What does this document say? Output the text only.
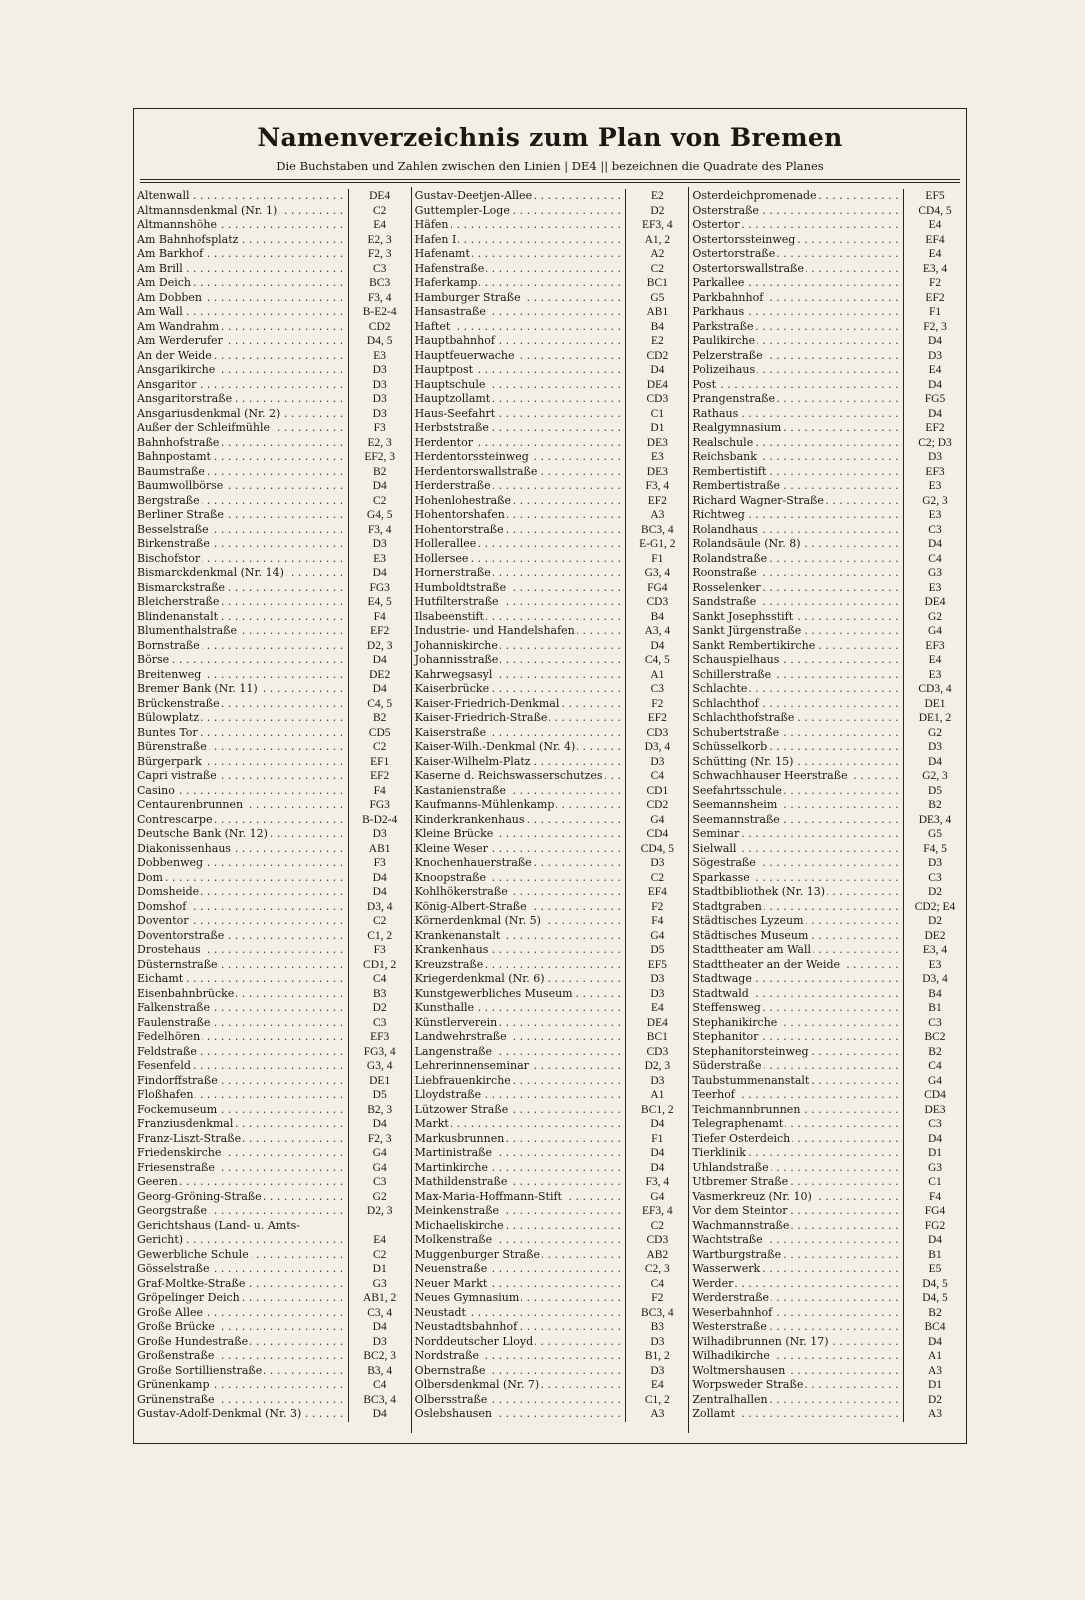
Namenverzeichnis zum Plan von Bremen
Die Buchstaben und Zahlen zwischen den Linien | DE4 || bezeichnen die Quadrate des Planes
Altenwall . . .	DE4
Altmannsdenkmal (Nr. 1) . . .	C2
Altmannshöhe . . .	E4
Am Bahnhofsplatz . . .	E2, 3
Am Barkhof . . .	F2, 3
Am Brill . . .	C3
Am Deich . . .	BC3
Am Dobben . . .	F3, 4
Am Wall . . .	B-E2-4
Am Wandrahm . . .	CD2
Am Werderufer . . .	D4, 5
An der Weide . . .	E3
Ansgarikirche . . .	D3
Ansgaritor . . .	D3
Ansgaritorstraße . . .	D3
Ansgariusdenkmal (Nr. 2) . . .	D3
Außer der Schleifmühle . . .	F3
Bahnhofstraße . . .	E2, 3
Bahnpostamt . . .	EF2, 3
Baumstraße . . .	B2
Baumwollbörse . . .	D4
Bergstraße . . .	C2
Berliner Straße . . .	G4, 5
Besselstraße . . .	F3, 4
Birkenstraße . . .	D3
Bischofstor . . .	E3
Bismarckdenkmal (Nr. 14) . . .	D4
Bismarckstraße . . .	FG3
Bleicherstraße . . .	E4, 5
Blindenanstalt . . .	F4
Blumenthalstraße . . .	EF2
Bornstraße . . .	D2, 3
Börse . . .	D4
Breitenweg . . .	DE2
Bremer Bank (Nr. 11) . . .	D4
Brückenstraße . . .	C4, 5
Bülowplatz . . .	B2
Buntes Tor . . .	CD5
Bürenstraße . . .	C2
Bürgerpark . . .	EF1
Capri vistraße . . .	EF2
Casino . . .	F4
Centaurenbrunnen . . .	FG3
Contrescarpe . . .	B-D2-4
Deutsche Bank (Nr. 12) . . .	D3
Diakonissenhaus . . .	AB1
Dobbenweg . . .	F3
Dom . . .	D4
Domsheide . . .	D4
Domshof . . .	D3, 4
Doventor . . .	C2
Doventorstraße . . .	C1, 2
Drostehaus . . .	F3
Düsternstraße . . .	CD1, 2
Eichamt . . .	C4
Eisenbahnbrücke . . .	B3
Falkenstraße . . .	D2
Faulenstraße . . .	C3
Fedelhören . . .	EF3
Feldstraße . . .	FG3, 4
Fesenfeld . . .	G3, 4
Findorffstraße . . .	DE1
Floßhafen . . .	D5
Fockemuseum . . .	B2, 3
Franziusdenkmal . . .	D4
Franz-Liszt-Straße . . .	F2, 3
Friedenskirche . . .	G4
Friesenstraße . . .	G4
Geeren . . .	C3
Georg-Gröning-Straße . . .	G2
Georgstraße . . .	D2, 3
Gerichtshaus (Land- u. Amts-
Gericht) . . .	E4
Gewerbliche Schule . . .	C2
Gösselstraße . . .	D1
Graf-Moltke-Straße . . .	G3
Gröpelinger Deich . . .	AB1, 2
Große Allee . . .	C3, 4
Große Brücke . . .	D4
Große Hundestraße . . .	D3
Großenstraße . . .	BC2, 3
Große Sortillienstraße . . .	B3, 4
Grünenkamp . . .	C4
Grünenstraße . . .	BC3, 4
Gustav-Adolf-Denkmal (Nr. 3) . . .	D4
Gustav-Deetjen-Allee . . .	E2
Guttempler-Loge . . .	D2
Häfen . . .	EF3, 4
Hafen I . . .	A1, 2
Hafenamt . . .	A2
Hafenstraße . . .	C2
Haferkamp . . .	BC1
Hamburger Straße . . .	G5
Hansastraße . . .	AB1
Haftet . . .	B4
Hauptbahnhof . . .	E2
Hauptfeuerwache . . .	CD2
Hauptpost . . .	D4
Hauptschule . . .	DE4
Hauptzollamt . . .	CD3
Haus-Seefahrt . . .	C1
Herbststraße . . .	D1
Herdentor . . .	DE3
Herdentorssteinweg . . .	E3
Herdentorswallstraße . . .	DE3
Herderstraße . . .	F3, 4
Hohenlohestraße . . .	EF2
Hohentorshafen . . .	A3
Hohentorstraße . . .	BC3, 4
Hollerallee . . .	E-G1, 2
Hollersee . . .	F1
Hornerstraße . . .	G3, 4
Humboldtstraße . . .	FG4
Hutfilterstraße . . .	CD3
Ilsabeenstift . . .	B4
Industrie- und Handelshafen . . .	A3, 4
Johanniskirche . . .	D4
Johannisstraße . . .	C4, 5
Kahrwegsasyl . . .	A1
Kaiserbrücke . . .	C3
Kaiser-Friedrich-Denkmal . . .	F2
Kaiser-Friedrich-Straße . . .	EF2
Kaiserstraße . . .	CD3
Kaiser-Wilh.-Denkmal (Nr. 4) . . .	D3, 4
Kaiser-Wilhelm-Platz . . .	D3
Kaserne d. Reichswasserschutzes . . .	C4
Kastanienstraße . . .	CD1
Kaufmanns-Mühlenkamp . . .	CD2
Kinderkrankenhaus . . .	G4
Kleine Brücke . . .	CD4
Kleine Weser . . .	CD4, 5
Knochenhauerstraße . . .	D3
Knoopstraße . . .	C2
Kohlhökerstraße . . .	EF4
König-Albert-Straße . . .	F2
Körnerdenkmal (Nr. 5) . . .	F4
Krankenanstalt . . .	G4
Krankenhaus . . .	D5
Kreuzstraße . . .	EF5
Kriegerdenkmal (Nr. 6) . . .	D3
Kunstgewerbliches Museum . . .	D3
Kunsthalle . . .	E4
Künstlerverein . . .	DE4
Landwehrstraße . . .	BC1
Langenstraße . . .	CD3
Lehrerinnenseminar . . .	D2, 3
Liebfrauenkirche . . .	D3
Lloydstraße . . .	A1
Lützower Straße . . .	BC1, 2
Markt . . .	D4
Markusbrunnen . . .	F1
Martinistraße . . .	D4
Martinkirche . . .	D4
Mathildenstraße . . .	F3, 4
Max-Maria-Hoffmann-Stift . . .	G4
Meinkenstraße . . .	EF3, 4
Michaeliskirche . . .	C2
Molkenstraße . . .	CD3
Muggenburger Straße . . .	AB2
Neuenstraße . . .	C2, 3
Neuer Markt . . .	C4
Neues Gymnasium . . .	F2
Neustadt . . .	BC3, 4
Neustadtsbahnhof . . .	B3
Norddeutscher Lloyd . . .	D3
Nordstraße . . .	B1, 2
Obernstraße . . .	D3
Olbersdenkmal (Nr. 7) . . .	E4
Olbersstraße . . .	C1, 2
Oslebshausen . . .	A3
Osterdeichpromenade . . .	EF5
Osterstraße . . .	CD4, 5
Ostertor . . .	E4
Ostertorssteinweg . . .	EF4
Ostertorstraße . . .	E4
Ostertorswallstraße . . .	E3, 4
Parkallee . . .	F2
Parkbahnhof . . .	EF2
Parkhaus . . .	F1
Parkstraße . . .	F2, 3
Paulikirche . . .	D4
Pelzerstraße . . .	D3
Polizeihaus . . .	E4
Post . . .	D4
Prangenstraße . . .	FG5
Rathaus . . .	D4
Realgymnasium . . .	EF2
Realschule . . .	C2; D3
Reichsbank . . .	D3
Rembertistift . . .	EF3
Rembertistraße . . .	E3
Richard Wagner-Straße . . .	G2, 3
Richtweg . . .	E3
Rolandhaus . . .	C3
Rolandsäule (Nr. 8) . . .	D4
Rolandstraße . . .	C4
Roonstraße . . .	G3
Rosselenker . . .	E3
Sandstraße . . .	DE4
Sankt Josephsstift . . .	G2
Sankt Jürgenstraße . . .	G4
Sankt Rembertikirche . . .	EF3
Schauspielhaus . . .	E4
Schillerstraße . . .	E3
Schlachte . . .	CD3, 4
Schlachthof . . .	DE1
Schlachthofstraße . . .	DE1, 2
Schubertstraße . . .	G2
Schüsselkorb . . .	D3
Schütting (Nr. 15) . . .	D4
Schwachhauser Heerstraße . . .	G2, 3
Seefahrtsschule . . .	D5
Seemannsheim . . .	B2
Seemannstraße . . .	DE3, 4
Seminar . . .	G5
Sielwall . . .	F4, 5
Sögestraße . . .	D3
Sparkasse . . .	C3
Stadtbibliothek (Nr. 13) . . .	D2
Stadtgraben . . .	CD2; E4
Städtisches Lyzeum . . .	D2
Städtisches Museum . . .	DE2
Stadttheater am Wall . . .	E3, 4
Stadttheater an der Weide . . .	E3
Stadtwage . . .	D3, 4
Stadtwald . . .	B4
Steffensweg . . .	B1
Stephanikirche . . .	C3
Stephanitor . . .	BC2
Stephanitorsteinweg . . .	B2
Süderstraße . . .	C4
Taubstummenanstalt . . .	G4
Teerhof . . .	CD4
Teichmannbrunnen . . .	DE3
Telegraphenamt . . .	C3
Tiefer Osterdeich . . .	D4
Tierklinik . . .	D1
Uhlandstraße . . .	G3
Utbremer Straße . . .	C1
Vasmerkreuz (Nr. 10) . . .	F4
Vor dem Steintor . . .	FG4
Wachmannstraße . . .	FG2
Wachtstraße . . .	D4
Wartburgstraße . . .	B1
Wasserwerk . . .	E5
Werder . . .	D4, 5
Werderstraße . . .	D4, 5
Weserbahnhof . . .	B2
Westerstraße . . .	BC4
Wilhadibrunnen (Nr. 17) . . .	D4
Wilhadikirche . . .	A1
Woltmershausen . . .	A3
Worpsweder Straße . . .	D1
Zentralhallen . . .	D2
Zollamt . . .	A3
